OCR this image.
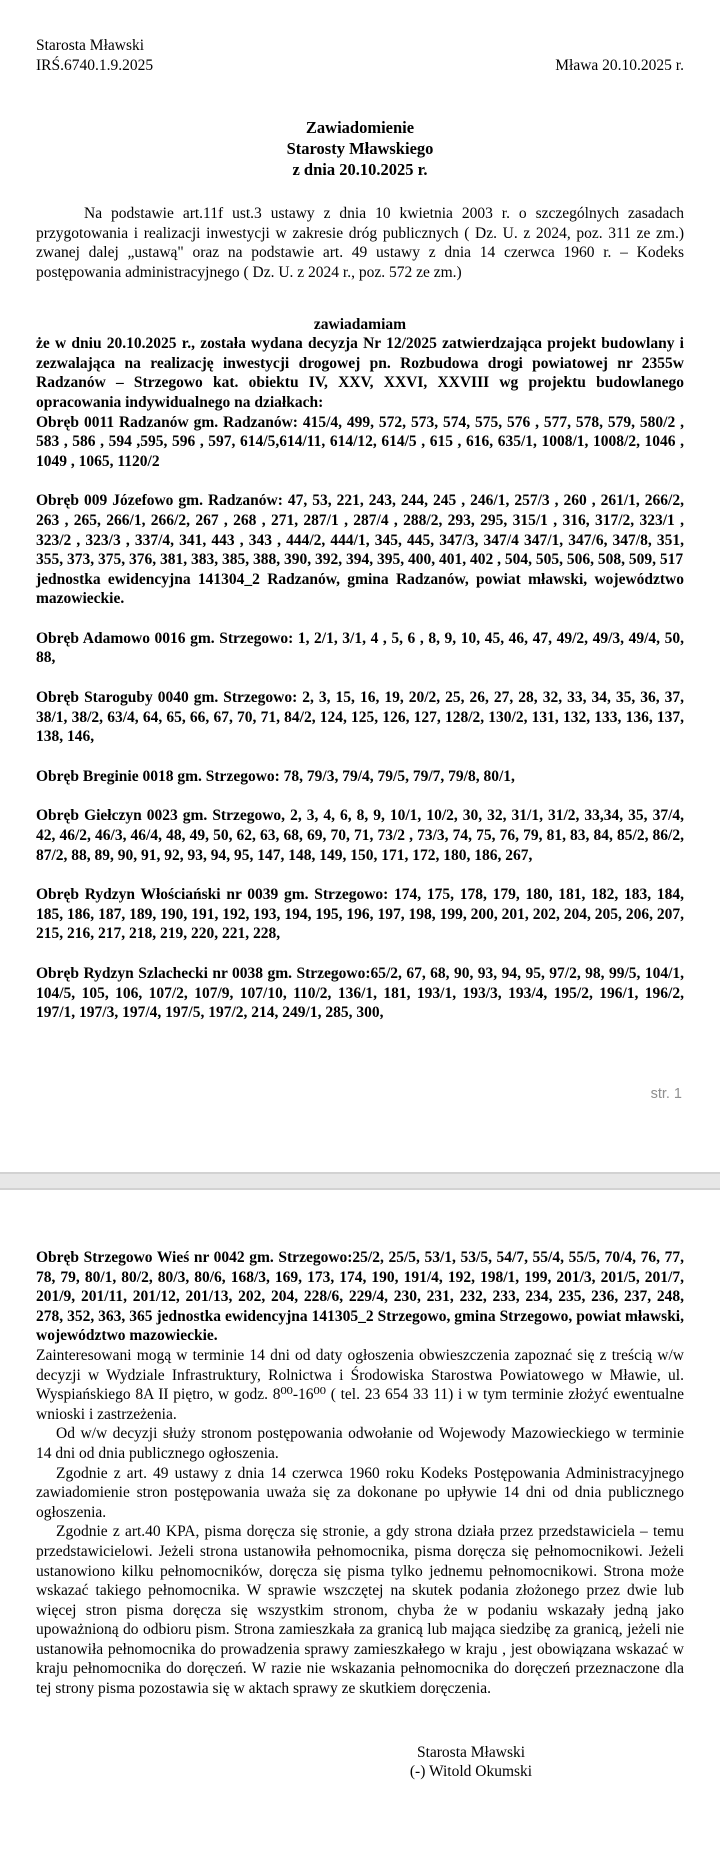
Starosta Mławski
IRŚ.6740.1.9.2025	Mława 20.10.2025 r.
Zawiadomienie
Starosty Mławskiego
z dnia 20.10.2025 r.

Na podstawie art.11f ust.3 ustawy z dnia 10 kwietnia 2003 r. o szczególnych zasadach przygotowania i realizacji inwestycji w zakresie dróg publicznych ( Dz. U. z 2024, poz. 311 ze zm.) zwanej dalej „ustawą" oraz na podstawie art. 49 ustawy z dnia 14 czerwca 1960 r. – Kodeks postępowania administracyjnego ( Dz. U. z 2024 r., poz. 572 ze zm.)

zawiadamiam

że w dniu 20.10.2025 r., została wydana decyzja Nr 12/2025 zatwierdzająca projekt budowlany i zezwalająca na realizację inwestycji drogowej pn. Rozbudowa drogi powiatowej nr 2355w Radzanów – Strzegowo kat. obiektu IV, XXV, XXVI, XXVIII wg projektu budowlanego opracowania indywidualnego na działkach:

Obręb 0011 Radzanów gm. Radzanów: 415/4, 499, 572, 573, 574, 575, 576 , 577, 578, 579, 580/2 , 583 , 586 , 594 ,595, 596 , 597, 614/5,614/11, 614/12, 614/5 , 615 , 616, 635/1, 1008/1, 1008/2, 1046 , 1049 , 1065, 1120/2

Obręb 009 Józefowo gm. Radzanów: 47, 53, 221, 243, 244, 245 , 246/1, 257/3 , 260 , 261/1, 266/2, 263 , 265, 266/1, 266/2, 267 , 268 , 271, 287/1 , 287/4 , 288/2, 293, 295, 315/1 , 316, 317/2, 323/1 , 323/2 , 323/3 , 337/4, 341, 443 , 343 , 444/2, 444/1, 345, 445, 347/3, 347/4 347/1, 347/6, 347/8, 351, 355, 373, 375, 376, 381, 383, 385, 388, 390, 392, 394, 395, 400, 401, 402 , 504, 505, 506, 508, 509, 517

jednostka ewidencyjna 141304_2 Radzanów, gmina Radzanów, powiat mławski, województwo mazowieckie.

Obręb Adamowo 0016 gm. Strzegowo: 1, 2/1, 3/1, 4 , 5, 6 , 8, 9, 10, 45, 46, 47, 49/2, 49/3, 49/4, 50, 88,

Obręb Staroguby 0040 gm. Strzegowo: 2, 3, 15, 16, 19, 20/2, 25, 26, 27, 28, 32, 33, 34, 35, 36, 37, 38/1, 38/2, 63/4, 64, 65, 66, 67, 70, 71, 84/2, 124, 125, 126, 127, 128/2, 130/2, 131, 132, 133, 136, 137, 138, 146,

Obręb Breginie 0018 gm. Strzegowo: 78, 79/3, 79/4, 79/5, 79/7, 79/8, 80/1,

Obręb Giełczyn 0023 gm. Strzegowo, 2, 3, 4, 6, 8, 9, 10/1, 10/2, 30, 32, 31/1, 31/2, 33,34, 35, 37/4, 42, 46/2, 46/3, 46/4, 48, 49, 50, 62, 63, 68, 69, 70, 71, 73/2 , 73/3, 74, 75, 76, 79, 81, 83, 84, 85/2, 86/2, 87/2, 88, 89, 90, 91, 92, 93, 94, 95, 147, 148, 149, 150, 171, 172, 180, 186, 267,

Obręb Rydzyn Włościański nr 0039 gm. Strzegowo: 174, 175, 178, 179, 180, 181, 182, 183, 184, 185, 186, 187, 189, 190, 191, 192, 193, 194, 195, 196, 197, 198, 199, 200, 201, 202, 204, 205, 206, 207, 215, 216, 217, 218, 219, 220, 221, 228,

Obręb Rydzyn Szlachecki nr 0038 gm. Strzegowo:65/2, 67, 68, 90, 93, 94, 95, 97/2, 98, 99/5, 104/1, 104/5, 105, 106, 107/2, 107/9, 107/10, 110/2, 136/1, 181, 193/1, 193/3, 193/4, 195/2, 196/1, 196/2, 197/1, 197/3, 197/4, 197/5, 197/2, 214, 249/1, 285, 300,

str. 1

Obręb Strzegowo Wieś nr 0042 gm. Strzegowo:25/2, 25/5, 53/1, 53/5, 54/7, 55/4, 55/5, 70/4, 76, 77, 78, 79, 80/1, 80/2, 80/3, 80/6, 168/3, 169, 173, 174, 190, 191/4, 192, 198/1, 199, 201/3, 201/5, 201/7, 201/9, 201/11, 201/12, 201/13, 202, 204, 228/6, 229/4, 230, 231, 232, 233, 234, 235, 236, 237, 248, 278, 352, 363, 365 jednostka ewidencyjna 141305_2 Strzegowo, gmina Strzegowo, powiat mławski, województwo mazowieckie.

Zainteresowani mogą w terminie 14 dni od daty ogłoszenia obwieszczenia zapoznać się z treścią w/w decyzji w Wydziale Infrastruktury, Rolnictwa i Środowiska Starostwa Powiatowego w Mławie, ul. Wyspiańskiego 8A II piętro, w godz. 8⁰⁰-16⁰⁰ ( tel. 23 654 33 11) i w tym terminie złożyć ewentualne wnioski i zastrzeżenia.

Od w/w decyzji służy stronom postępowania odwołanie od Wojewody Mazowieckiego w terminie 14 dni od dnia publicznego ogłoszenia.

Zgodnie z art. 49 ustawy z dnia 14 czerwca 1960 roku Kodeks Postępowania Administracyjnego zawiadomienie stron postępowania uważa się za dokonane po upływie 14 dni od dnia publicznego ogłoszenia.

Zgodnie z art.40 KPA, pisma doręcza się stronie, a gdy strona działa przez przedstawiciela – temu przedstawicielowi. Jeżeli strona ustanowiła pełnomocnika, pisma doręcza się pełnomocnikowi. Jeżeli ustanowiono kilku pełnomocników, doręcza się pisma tylko jednemu pełnomocnikowi. Strona może wskazać takiego pełnomocnika. W sprawie wszczętej na skutek podania złożonego przez dwie lub więcej stron pisma doręcza się wszystkim stronom, chyba że w podaniu wskazały jedną jako upoważnioną do odbioru pism. Strona zamieszkała za granicą lub mająca siedzibę za granicą, jeżeli nie ustanowiła pełnomocnika do prowadzenia sprawy zamieszkałego w kraju , jest obowiązana wskazać w kraju pełnomocnika do doręczeń. W razie nie wskazania pełnomocnika do doręczeń przeznaczone dla tej strony pisma pozostawia się w aktach sprawy ze skutkiem doręczenia.

Starosta Mławski
(-) Witold Okumski
